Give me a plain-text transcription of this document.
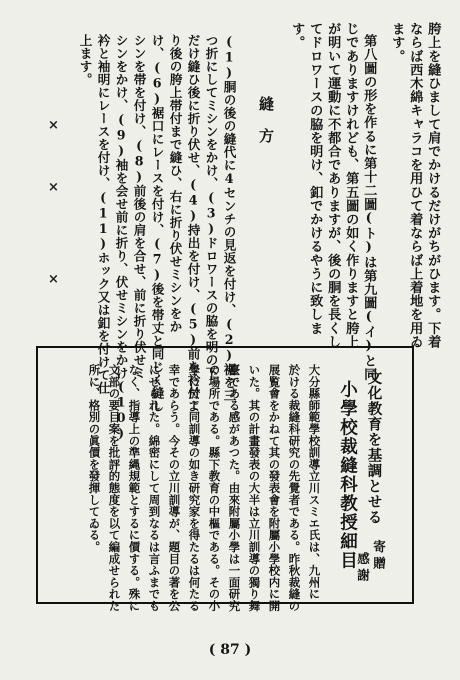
胯上を縫ひまして肩でかけるだけがちがひます。下着
ならば西木綿キャラコを用ひて着ならば上着地を用ゐ
ます。
第八圖の形を作るに第十二圖(ト)は第九圖(イ)と同
じでありますけれども、第五圖の如く作りますと胯上
が明いて運動に不都合でありますが、後の胴を長くし
てドロワースの脇を明け、釦でかけるやうに致しま
す。
縫　方
(1)胴の後の縫代に4センチの見返を付け、(2)裾を三
つ折にしてミシンをかけ、(3)ドロワースの脇を明の下
だけ縫ひ後に折り伏せ、(4)持出を付け、(5)前を衿付よ
り後の胯上帯付まで縫ひ、右に折り伏せミシンをか
け、(6)裾口にレースを付け、(7)後を帯丈と同じく縫し
シンを帯を付け、(8)前後の肩を合せ、前に折り伏せミ
シンをかけ、(9)袖を会せ前に折り、伏せミシンをかけ(10)
衿と袖明にレースを付け、(11)ホック又は釦を付けて仕
上ます。
×
×
×
文化教育を基調とせる
小學校裁縫科教授細目 寄贈
感謝
大分縣師範學校訓導立川スミエ氏は、九州に
於ける裁縫科研究の先覺者である。昨秋裁縫の
展覧會をかねて其の發表會を附屬小學校内に開
いた。其の計畫發表の大半は立川訓導の獨り舞
臺である感があつた。由來附屬小學は一面研究
の場所である。縣下教育の中樞である。その小
學に於て同訓導の如き研究家を得たるは何たる
幸であらう。今その立川訓導が、題目の著を公
にせられた。綿密にして周到なるは言ふまでも
なく、指導上の準縄規範とするに價する。殊に
文部の要目案を批評的態度を以て編成せられた
所に、格別の眞價を發揮してゐる。
( 87 )
